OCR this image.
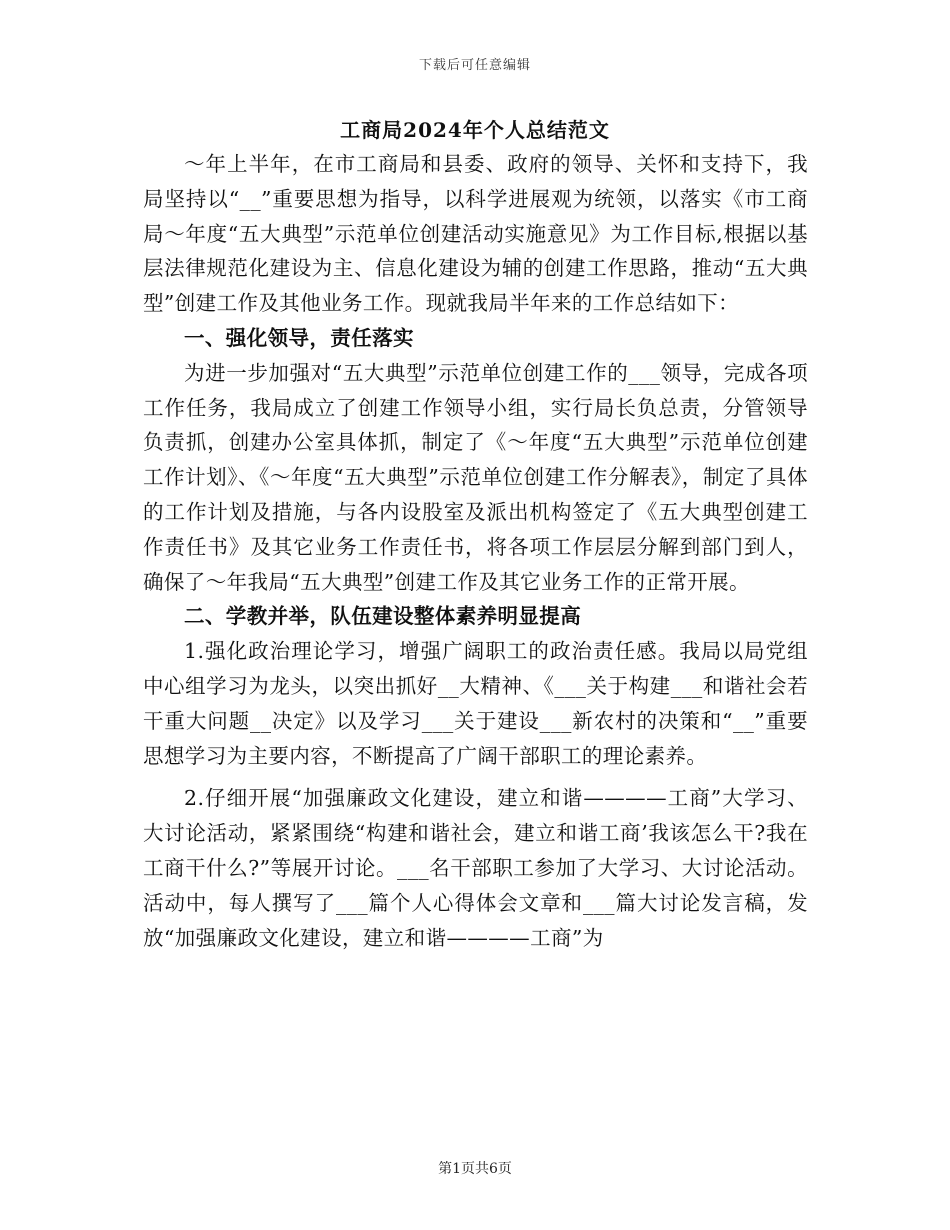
下载后可任意编辑
工商局2024年个人总结范文

～年上半年，在市工商局和县委、政府的领导、关怀和支持下，我局坚持以“__”重要思想为指导，以科学进展观为统领，以落实《市工商局～年度“五大典型”示范单位创建活动实施意见》为工作目标,根据以基层法律规范化建设为主、信息化建设为辅的创建工作思路，推动“五大典型”创建工作及其他业务工作。现就我局半年来的工作总结如下：

一、强化领导，责任落实

为进一步加强对“五大典型”示范单位创建工作的___领导，完成各项工作任务，我局成立了创建工作领导小组，实行局长负总责，分管领导负责抓，创建办公室具体抓，制定了《～年度“五大典型”示范单位创建工作计划》、《～年度“五大典型”示范单位创建工作分解表》，制定了具体的工作计划及措施，与各内设股室及派出机构签定了《五大典型创建工作责任书》及其它业务工作责任书，将各项工作层层分解到部门到人，确保了～年我局“五大典型”创建工作及其它业务工作的正常开展。

二、学教并举，队伍建设整体素养明显提高

1.强化政治理论学习，增强广阔职工的政治责任感。我局以局党组中心组学习为龙头，以突出抓好__大精神、《___关于构建___和谐社会若干重大问题__决定》以及学习___关于建设___新农村的决策和“__”重要思想学习为主要内容，不断提高了广阔干部职工的理论素养。

2.仔细开展“加强廉政文化建设，建立和谐————工商”大学习、大讨论活动，紧紧围绕“构建和谐社会，建立和谐工商’我该怎么干?我在工商干什么?”等展开讨论。___名干部职工参加了大学习、大讨论活动。活动中，每人撰写了___篇个人心得体会文章和___篇大讨论发言稿，发放“加强廉政文化建设，建立和谐————工商”为

第1页共6页
